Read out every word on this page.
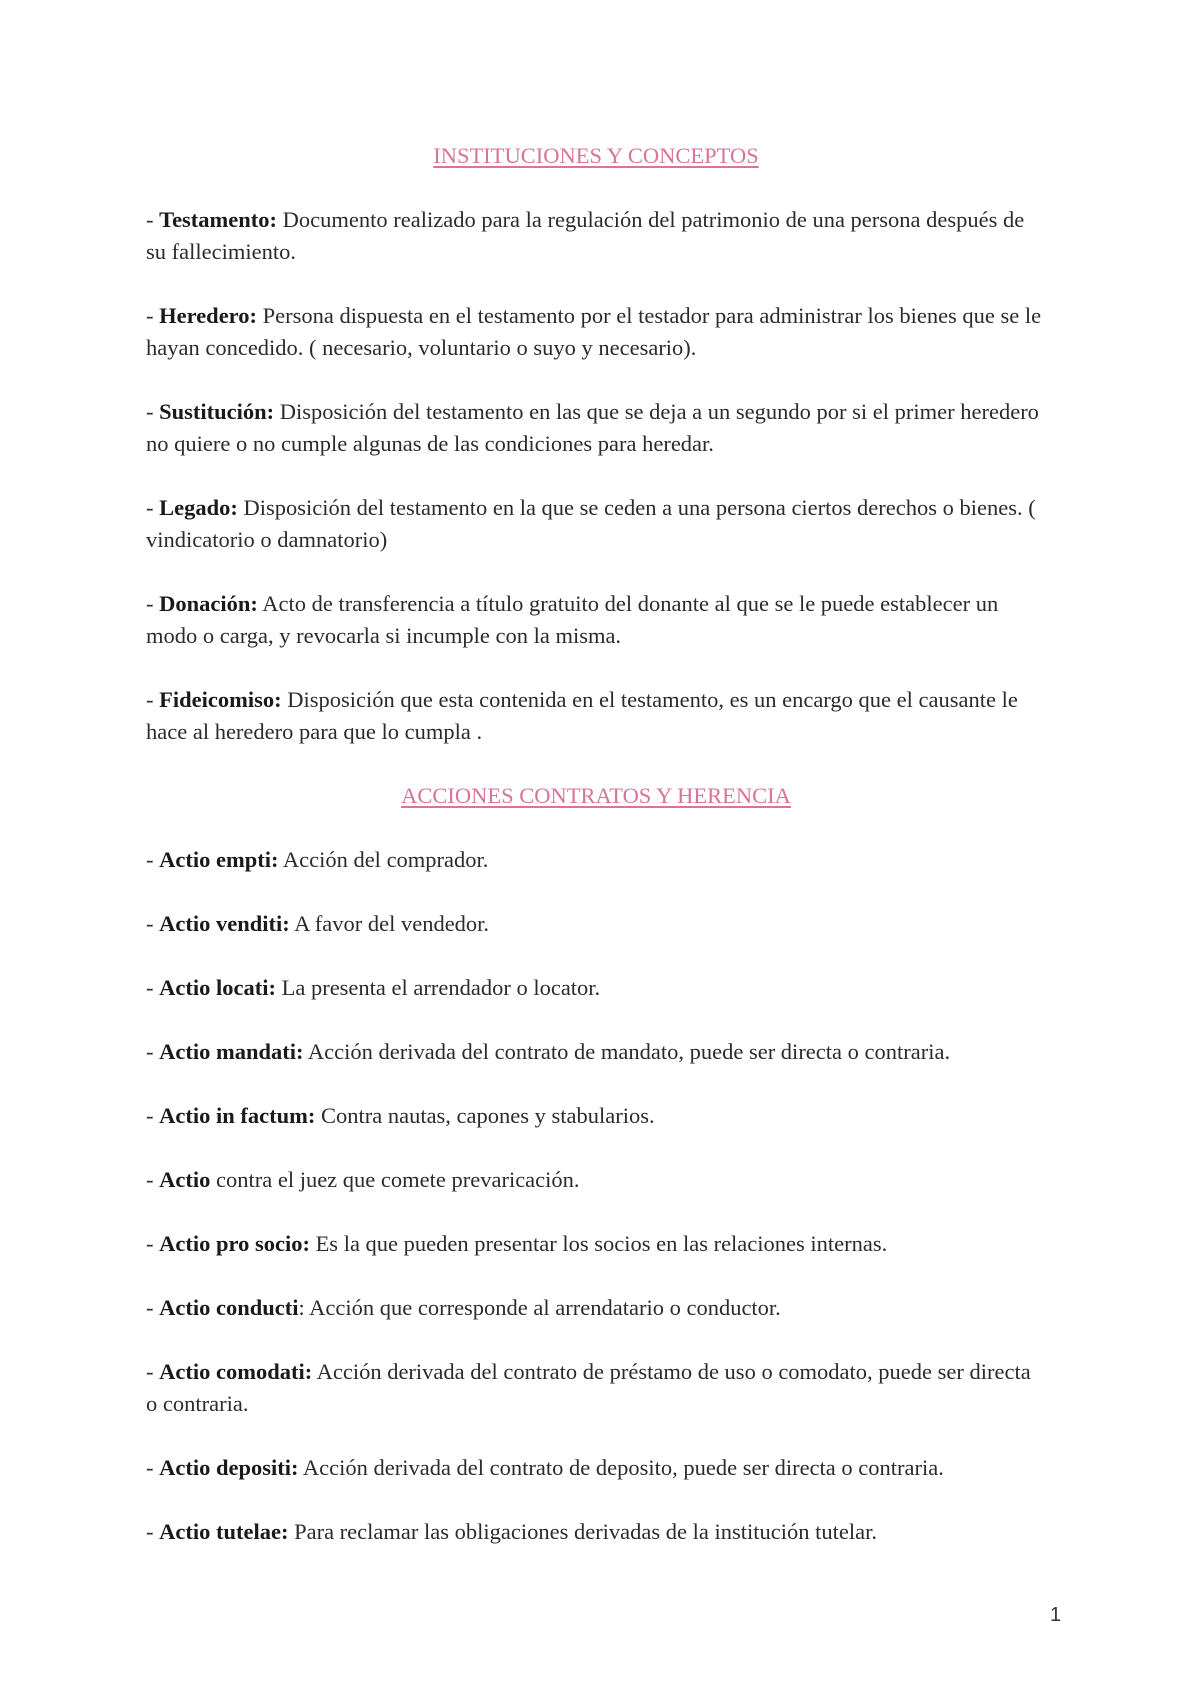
INSTITUCIONES Y CONCEPTOS
- Testamento: Documento realizado para la regulación del patrimonio de una persona después de su fallecimiento.
- Heredero: Persona dispuesta en el testamento por el testador para administrar los bienes que se le hayan concedido. ( necesario, voluntario o suyo y necesario).
- Sustitución: Disposición del testamento en las que se deja a un segundo por si el primer heredero no quiere o no cumple algunas de las condiciones para heredar.
- Legado: Disposición del testamento en la que se ceden a una persona ciertos derechos o bienes. ( vindicatorio o damnatorio)
- Donación: Acto de transferencia a título gratuito del donante al que se le puede establecer un modo o carga, y revocarla si incumple con la misma.
- Fideicomiso: Disposición que esta contenida en el testamento, es un encargo que el causante le hace al heredero para que lo cumpla .
ACCIONES CONTRATOS Y HERENCIA
- Actio empti: Acción del comprador.
- Actio venditi: A favor del vendedor.
- Actio locati: La presenta el arrendador o locator.
- Actio mandati: Acción derivada del contrato de mandato, puede ser directa o contraria.
- Actio in factum: Contra nautas, capones y stabularios.
- Actio contra el juez que comete prevaricación.
- Actio pro socio: Es la que pueden presentar los socios en las relaciones internas.
- Actio conducti: Acción que corresponde al arrendatario o conductor.
- Actio comodati: Acción derivada del contrato de préstamo de uso o comodato, puede ser directa o contraria.
- Actio depositi: Acción derivada del contrato de deposito, puede ser directa o contraria.
- Actio tutelae: Para reclamar las obligaciones derivadas de la institución tutelar.
1
